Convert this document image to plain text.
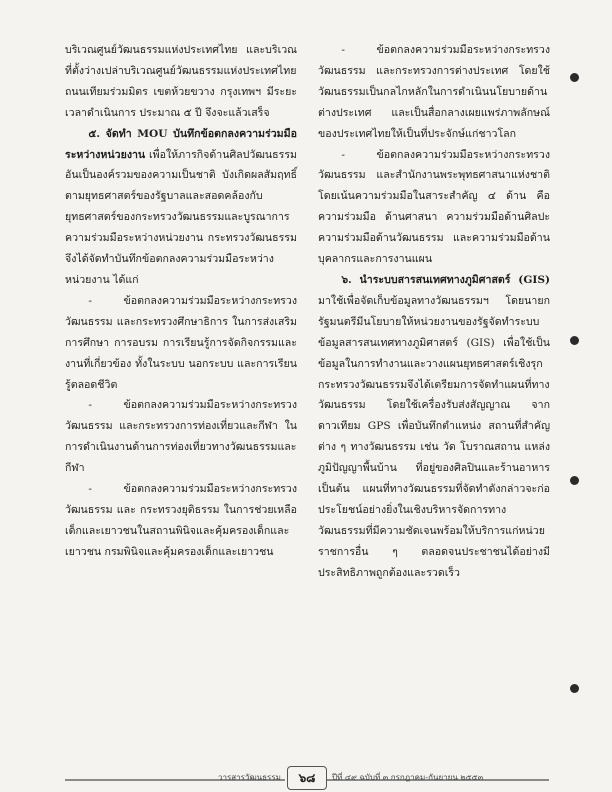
บริเวณศูนย์วัฒนธรรมแห่งประเทศไทย และบริเวณที่ตั้งว่างเปล่าบริเวณศูนย์วัฒนธรรมแห่งประเทศไทย ถนนเทียมร่วมมิตร เขตห้วยขวาง กรุงเทพฯ มีระยะเวลาดำเนินการ ประมาณ ๕ ปี จึงจะแล้วเสร็จ

๕. จัดทำ MOU บันทึกข้อตกลงความร่วมมือระหว่างหน่วยงาน เพื่อให้ภารกิจด้านศิลปวัฒนธรรม อันเป็นองค์รวมของความเป็นชาติ บังเกิดผลสัมฤทธิ์ตามยุทธศาสตร์ของรัฐบาลและสอดคล้องกับยุทธศาสตร์ของกระทรวงวัฒนธรรมและบูรณาการความร่วมมือระหว่างหน่วยงาน กระทรวงวัฒนธรรม จึงได้จัดทำบันทึกข้อตกลงความร่วมมือระหว่างหน่วยงาน ได้แก่

- ข้อตกลงความร่วมมือระหว่างกระทรวงวัฒนธรรม และกระทรวงศึกษาธิการ ในการส่งเสริมการศึกษา การอบรม การเรียนรู้การจัดกิจกรรมและงานที่เกี่ยวข้อง ทั้งในระบบ นอกระบบ และการเรียนรู้ตลอดชีวิต

- ข้อตกลงความร่วมมือระหว่างกระทรวงวัฒนธรรม และกระทรวงการท่องเที่ยวและกีฬา ในการดำเนินงานด้านการท่องเที่ยวทางวัฒนธรรมและกีฬา

- ข้อตกลงความร่วมมือระหว่างกระทรวงวัฒนธรรม และ กระทรวงยุติธรรม ในการช่วยเหลือเด็กและเยาวชนในสถานพินิจและคุ้มครองเด็กและเยาวชน กรมพินิจและคุ้มครองเด็กและเยาวชน

- ข้อตกลงความร่วมมือระหว่างกระทรวงวัฒนธรรม และกระทรวงการต่างประเทศ โดยใช้วัฒนธรรมเป็นกลไกหลักในการดำเนินนโยบายด้านต่างประเทศ และเป็นสื่อกลางเผยแพร่ภาพลักษณ์ของประเทศไทยให้เป็นที่ประจักษ์แก่ชาวโลก

- ข้อตกลงความร่วมมือระหว่างกระทรวงวัฒนธรรม และสำนักงานพระพุทธศาสนาแห่งชาติ โดยเน้นความร่วมมือในสาระสำคัญ ๔ ด้าน คือ ความร่วมมือ ด้านศาสนา ความร่วมมือด้านศิลปะ ความร่วมมือด้านวัฒนธรรม และความร่วมมือด้านบุคลากรและการงานแผน

๖. นำระบบสารสนเทศทางภูมิศาสตร์ (GIS) มาใช้เพื่อจัดเก็บข้อมูลทางวัฒนธรรมฯ โดยนายกรัฐมนตรีมีนโยบายให้หน่วยงานของรัฐจัดทำระบบข้อมูลสารสนเทศทางภูมิศาสตร์ (GIS) เพื่อใช้เป็นข้อมูลในการทำงานและวางแผนยุทธศาสตร์เชิงรุก กระทรวงวัฒนธรรมจึงได้เตรียมการจัดทำแผนที่ทางวัฒนธรรม โดยใช้เครื่องรับส่งสัญญาณ จากดาวเทียม GPS เพื่อบันทึกตำแหน่ง สถานที่สำคัญต่าง ๆ ทางวัฒนธรรม เช่น วัด โบราณสถาน แหล่งภูมิปัญญาพื้นบ้าน ที่อยู่ของศิลปินและร้านอาหาร เป็นต้น แผนที่ทางวัฒนธรรมที่จัดทำดังกล่าวจะก่อประโยชน์อย่างยิ่งในเชิงบริหารจัดการทางวัฒนธรรมที่มีความชัดเจนพร้อมให้บริการแก่หน่วยราชการอื่น ๆ ตลอดจนประชาชนได้อย่างมีประสิทธิภาพถูกต้องและรวดเร็ว

วารสารวัฒนธรรม	๖๘	ปีที่ ๔๙ ฉบับที่ ๓ กรกฎาคม-กันยายน ๒๕๕๓
